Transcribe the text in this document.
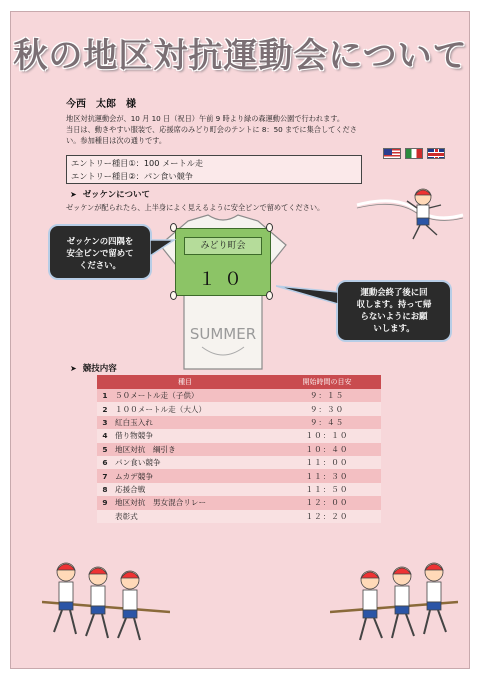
秋の地区対抗運動会について
今西　太郎　様
地区対抗運動会が、10 月 10 日（祝日）午前 9 時より緑の森運動公園で行われます。
当日は、動きやすい服装で、応援席のみどり町会のテントに 8：50 までに集合してくださ
い。参加種目は次の通りです。
エントリー種目①：100 メートル走
エントリー種目②：パン食い競争
➤ ゼッケンについて
ゼッケンが配られたら、上半身によく見えるように安全ピンで留めてください。
SUMMER
みどり町会
１０
ゼッケンの四隅を
安全ピンで留めて
ください。
運動会終了後に回
収します。持って帰
らないようにお願
いします。
➤ 競技内容
種目		開始時間の目安
1	５０メートル走（子供）	９：１５
2	１００メートル走（大人）	９：３０
3	紅白玉入れ	９：４５
4	借り物競争	１０：１０
5	地区対抗　綱引き	１０：４０
6	パン食い競争	１１：００
7	ムカデ競争	１１：３０
8	応援合戦	１１：５０
9	地区対抗　男女混合リレー	１２：００
	表彰式	１２：２０
